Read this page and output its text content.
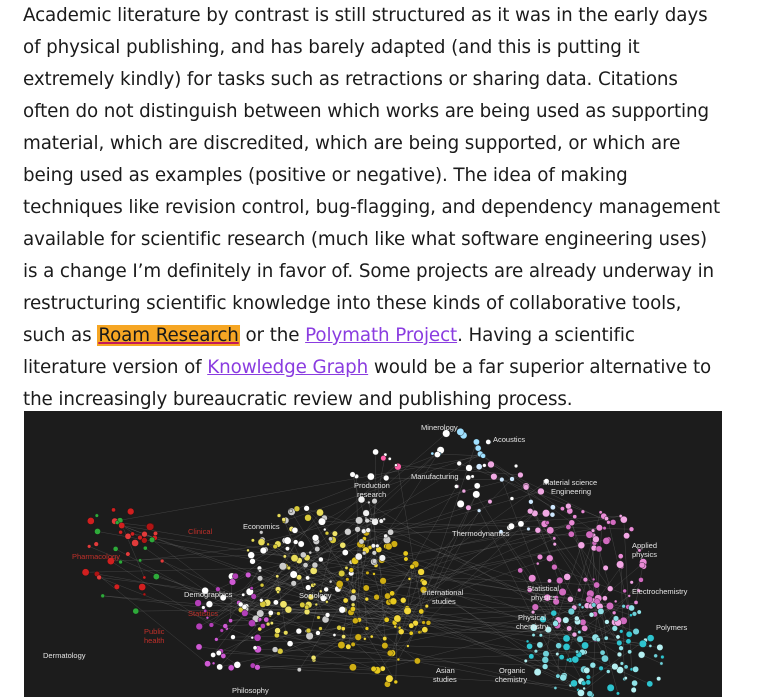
Academic literature by contrast is still structured as it was in the early days of physical publishing, and has barely adapted (and this is putting it extremely kindly) for tasks such as retractions or sharing data. Citations often do not distinguish between which works are being used as supporting material, which are discredited, which are being supported, or which are being used as examples (positive or negative). The idea of making techniques like revision control, bug-flagging, and dependency management available for scientific research (much like what software engineering uses) is a change I’m definitely in favor of. Some projects are already underway in restructuring scientific knowledge into these kinds of collaborative tools, such as Roam Research or the Polymath Project. Having a scientific literature version of Knowledge Graph would be a far superior alternative to the increasingly bureaucratic review and publishing process.

Minerology
Acoustics
Manufacturing
Material science
Engineering
Production
research
Law
Economics
Thermodynamics
Applied
physics
Clinical
Pharmacology
Demographics	Sociology	International
studies
Statistics
Statistical
physics
Electrochemistry
Physical
chemistry	Polymers
Public
health
Dermatology
Asian
studies
Organic
chemistry
Philosophy
